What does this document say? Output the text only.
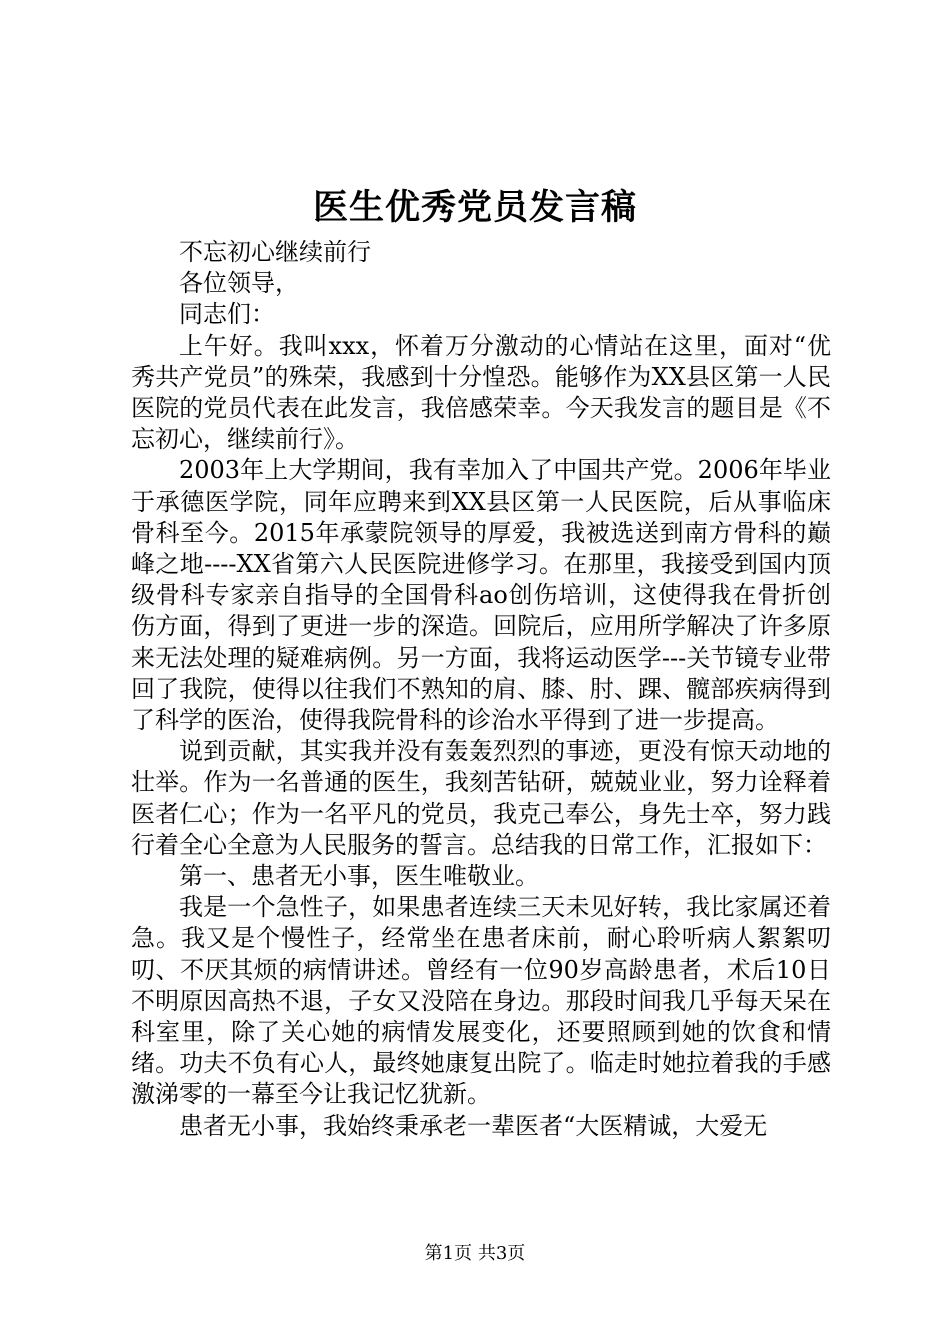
医生优秀党员发言稿

不忘初心继续前行

各位领导，

同志们：

上午好。我叫xxx，怀着万分激动的心情站在这里，面对“优秀共产党员”的殊荣，我感到十分惶恐。能够作为XX县区第一人民医院的党员代表在此发言，我倍感荣幸。今天我发言的题目是《不忘初心，继续前行》。

2003年上大学期间，我有幸加入了中国共产党。2006年毕业于承德医学院，同年应聘来到XX县区第一人民医院，后从事临床骨科至今。2015年承蒙院领导的厚爱，我被选送到南方骨科的巅峰之地----XX省第六人民医院进修学习。在那里，我接受到国内顶级骨科专家亲自指导的全国骨科ao创伤培训，这使得我在骨折创伤方面，得到了更进一步的深造。回院后，应用所学解决了许多原来无法处理的疑难病例。另一方面，我将运动医学---关节镜专业带回了我院，使得以往我们不熟知的肩、膝、肘、踝、髋部疾病得到了科学的医治，使得我院骨科的诊治水平得到了进一步提高。

说到贡献，其实我并没有轰轰烈烈的事迹，更没有惊天动地的壮举。作为一名普通的医生，我刻苦钻研，兢兢业业，努力诠释着医者仁心；作为一名平凡的党员，我克己奉公，身先士卒，努力践行着全心全意为人民服务的誓言。总结我的日常工作，汇报如下：

第一、患者无小事，医生唯敬业。

我是一个急性子，如果患者连续三天未见好转，我比家属还着急。我又是个慢性子，经常坐在患者床前，耐心聆听病人絮絮叨叨、不厌其烦的病情讲述。曾经有一位90岁高龄患者，术后10日不明原因高热不退，子女又没陪在身边。那段时间我几乎每天呆在科室里，除了关心她的病情发展变化，还要照顾到她的饮食和情绪。功夫不负有心人，最终她康复出院了。临走时她拉着我的手感激涕零的一幕至今让我记忆犹新。

患者无小事，我始终秉承老一辈医者“大医精诚，大爱无

第1页 共3页
